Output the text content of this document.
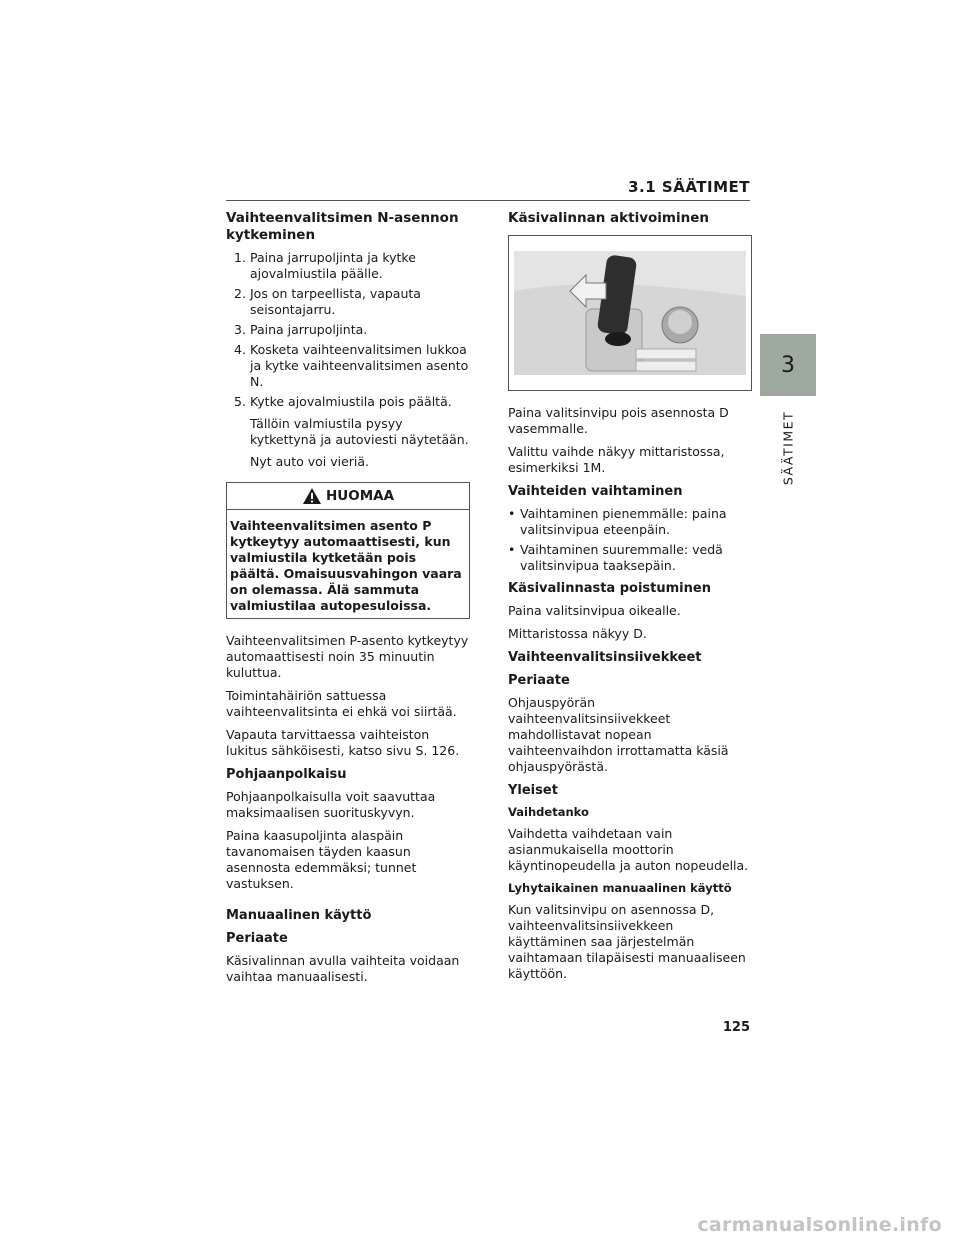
3.1 SÄÄTIMET
3
SÄÄTIMET
Vaihteenvalitsimen N-asennon kytkeminen
1. Paina jarrupoljinta ja kytke ajovalmiustila päälle.
2. Jos on tarpeellista, vapauta seisontajarru.
3. Paina jarrupoljinta.
4. Kosketa vaihteenvalitsimen lukkoa ja kytke vaihteenvalitsimen asento N.
5. Kytke ajovalmiustila pois päältä.

Tällöin valmiustila pysyy kytkettynä ja autoviesti näytetään.

Nyt auto voi vieriä.

HUOMAA
Vaihteenvalitsimen asento P kytkeytyy automaattisesti, kun valmiustila kytketään pois päältä. Omaisuusvahingon vaara on olemassa. Älä sammuta valmiustilaa autopesuloissa.

Vaihteenvalitsimen P-asento kytkeytyy automaattisesti noin 35 minuutin kuluttua.

Toimintahäiriön sattuessa vaihteenvalitsinta ei ehkä voi siirtää.

Vapauta tarvittaessa vaihteiston lukitus sähköisesti, katso sivu S. 126.

Pohjaanpolkaisu

Pohjaanpolkaisulla voit saavuttaa maksimaalisen suorituskyvyn.

Paina kaasupoljinta alaspäin tavanomaisen täyden kaasun asennosta edemmäksi; tunnet vastuksen.

Manuaalinen käyttö
Periaate

Käsivalinnan avulla vaihteita voidaan vaihtaa manuaalisesti.

Käsivalinnan aktivoiminen

Paina valitsinvipu pois asennosta D vasemmalle.

Valittu vaihde näkyy mittaristossa, esimerkiksi 1M.

Vaihteiden vaihtaminen
• Vaihtaminen pienemmälle: paina valitsinvipua eteenpäin.
• Vaihtaminen suuremmalle: vedä valitsinvipua taaksepäin.
Käsivalinnasta poistuminen

Paina valitsinvipua oikealle.

Mittaristossa näkyy D.

Vaihteenvalitsinsiivekkeet
Periaate

Ohjauspyörän vaihteenvalitsinsiivekkeet mahdollistavat nopean vaihteenvaihdon irrottamatta käsiä ohjauspyörästä.

Yleiset
Vaihdetanko

Vaihdetta vaihdetaan vain asianmukaisella moottorin käyntinopeudella ja auton nopeudella.

Lyhytaikainen manuaalinen käyttö

Kun valitsinvipu on asennossa D, vaihteenvalitsinsiivekkeen käyttäminen saa järjestelmän vaihtamaan tilapäisesti manuaaliseen käyttöön.

125
carmanualsonline.info
